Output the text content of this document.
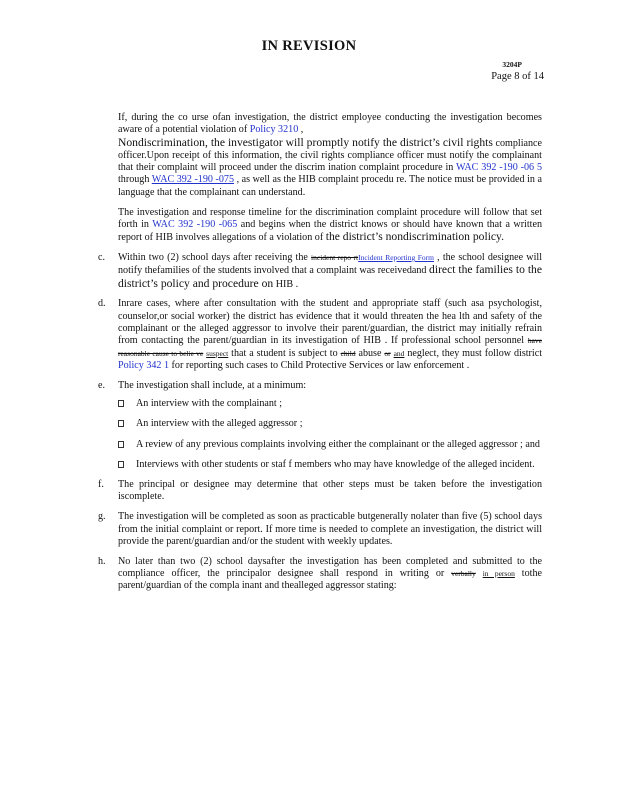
IN REVISION
3204P
Page 8 of 14

If, during the co urse ofan investigation, the district employee conducting the investigation becomes aware of a potential violation of Policy 3210 ,
Nondiscrimination, the investigator will promptly notify the district’s civil rights compliance officer.Upon receipt of this information, the civil rights compliance officer must notify the complainant that their complaint will proceed under the discrim ination complaint procedure in WAC 392 -190 -06 5 through WAC 392 -190 -075 , as well as the HIB complaint procedu re. The notice must be provided in a language that the complainant can understand.

The investigation and response timeline for the discrimination complaint procedure will follow that set forth in WAC 392 -190 -065 and begins when the district knows or should have known that a written report of HIB involves allegations of a violation of the district’s nondiscrimination policy.

c. Within two (2) school days after receiving the incident repo rtIncident Reporting Form , the school designee will notify thefamilies of the students involved that a complaint was receivedand direct the families to the district’s policy and procedure on HIB .
d. Inrare cases, where after consultation with the student and appropriate staff (such asa psychologist, counselor,or social worker) the district has evidence that it would threaten the hea lth and safety of the complainant or the alleged aggressor to involve their parent/guardian, the district may initially refrain from contacting the parent/guardian in its investigation of HIB . If professional school personnel have reasonable cause to belie ve suspect that a student is subject to child abuse or and neglect, they must follow district Policy 342 1 for reporting such cases to Child Protective Services or law enforcement .
e. The investigation shall include, at a minimum:
An interview with the complainant ;
An interview with the alleged aggressor ;
A review of any previous complaints involving either the complainant or the alleged aggressor ; and
Interviews with other students or staf f members who may have knowledge of the alleged incident.
f. The principal or designee may determine that other steps must be taken before the investigation iscomplete.
g. The investigation will be completed as soon as practicable butgenerally nolater than five (5) school days from the initial complaint or report. If more time is needed to complete an investigation, the district will provide the parent/guardian and/or the student with weekly updates.
h. No later than two (2) school daysafter the investigation has been completed and submitted to the compliance officer, the principalor designee shall respond in writing or verbally in person tothe parent/guardian of the compla inant and thealleged aggressor stating:
